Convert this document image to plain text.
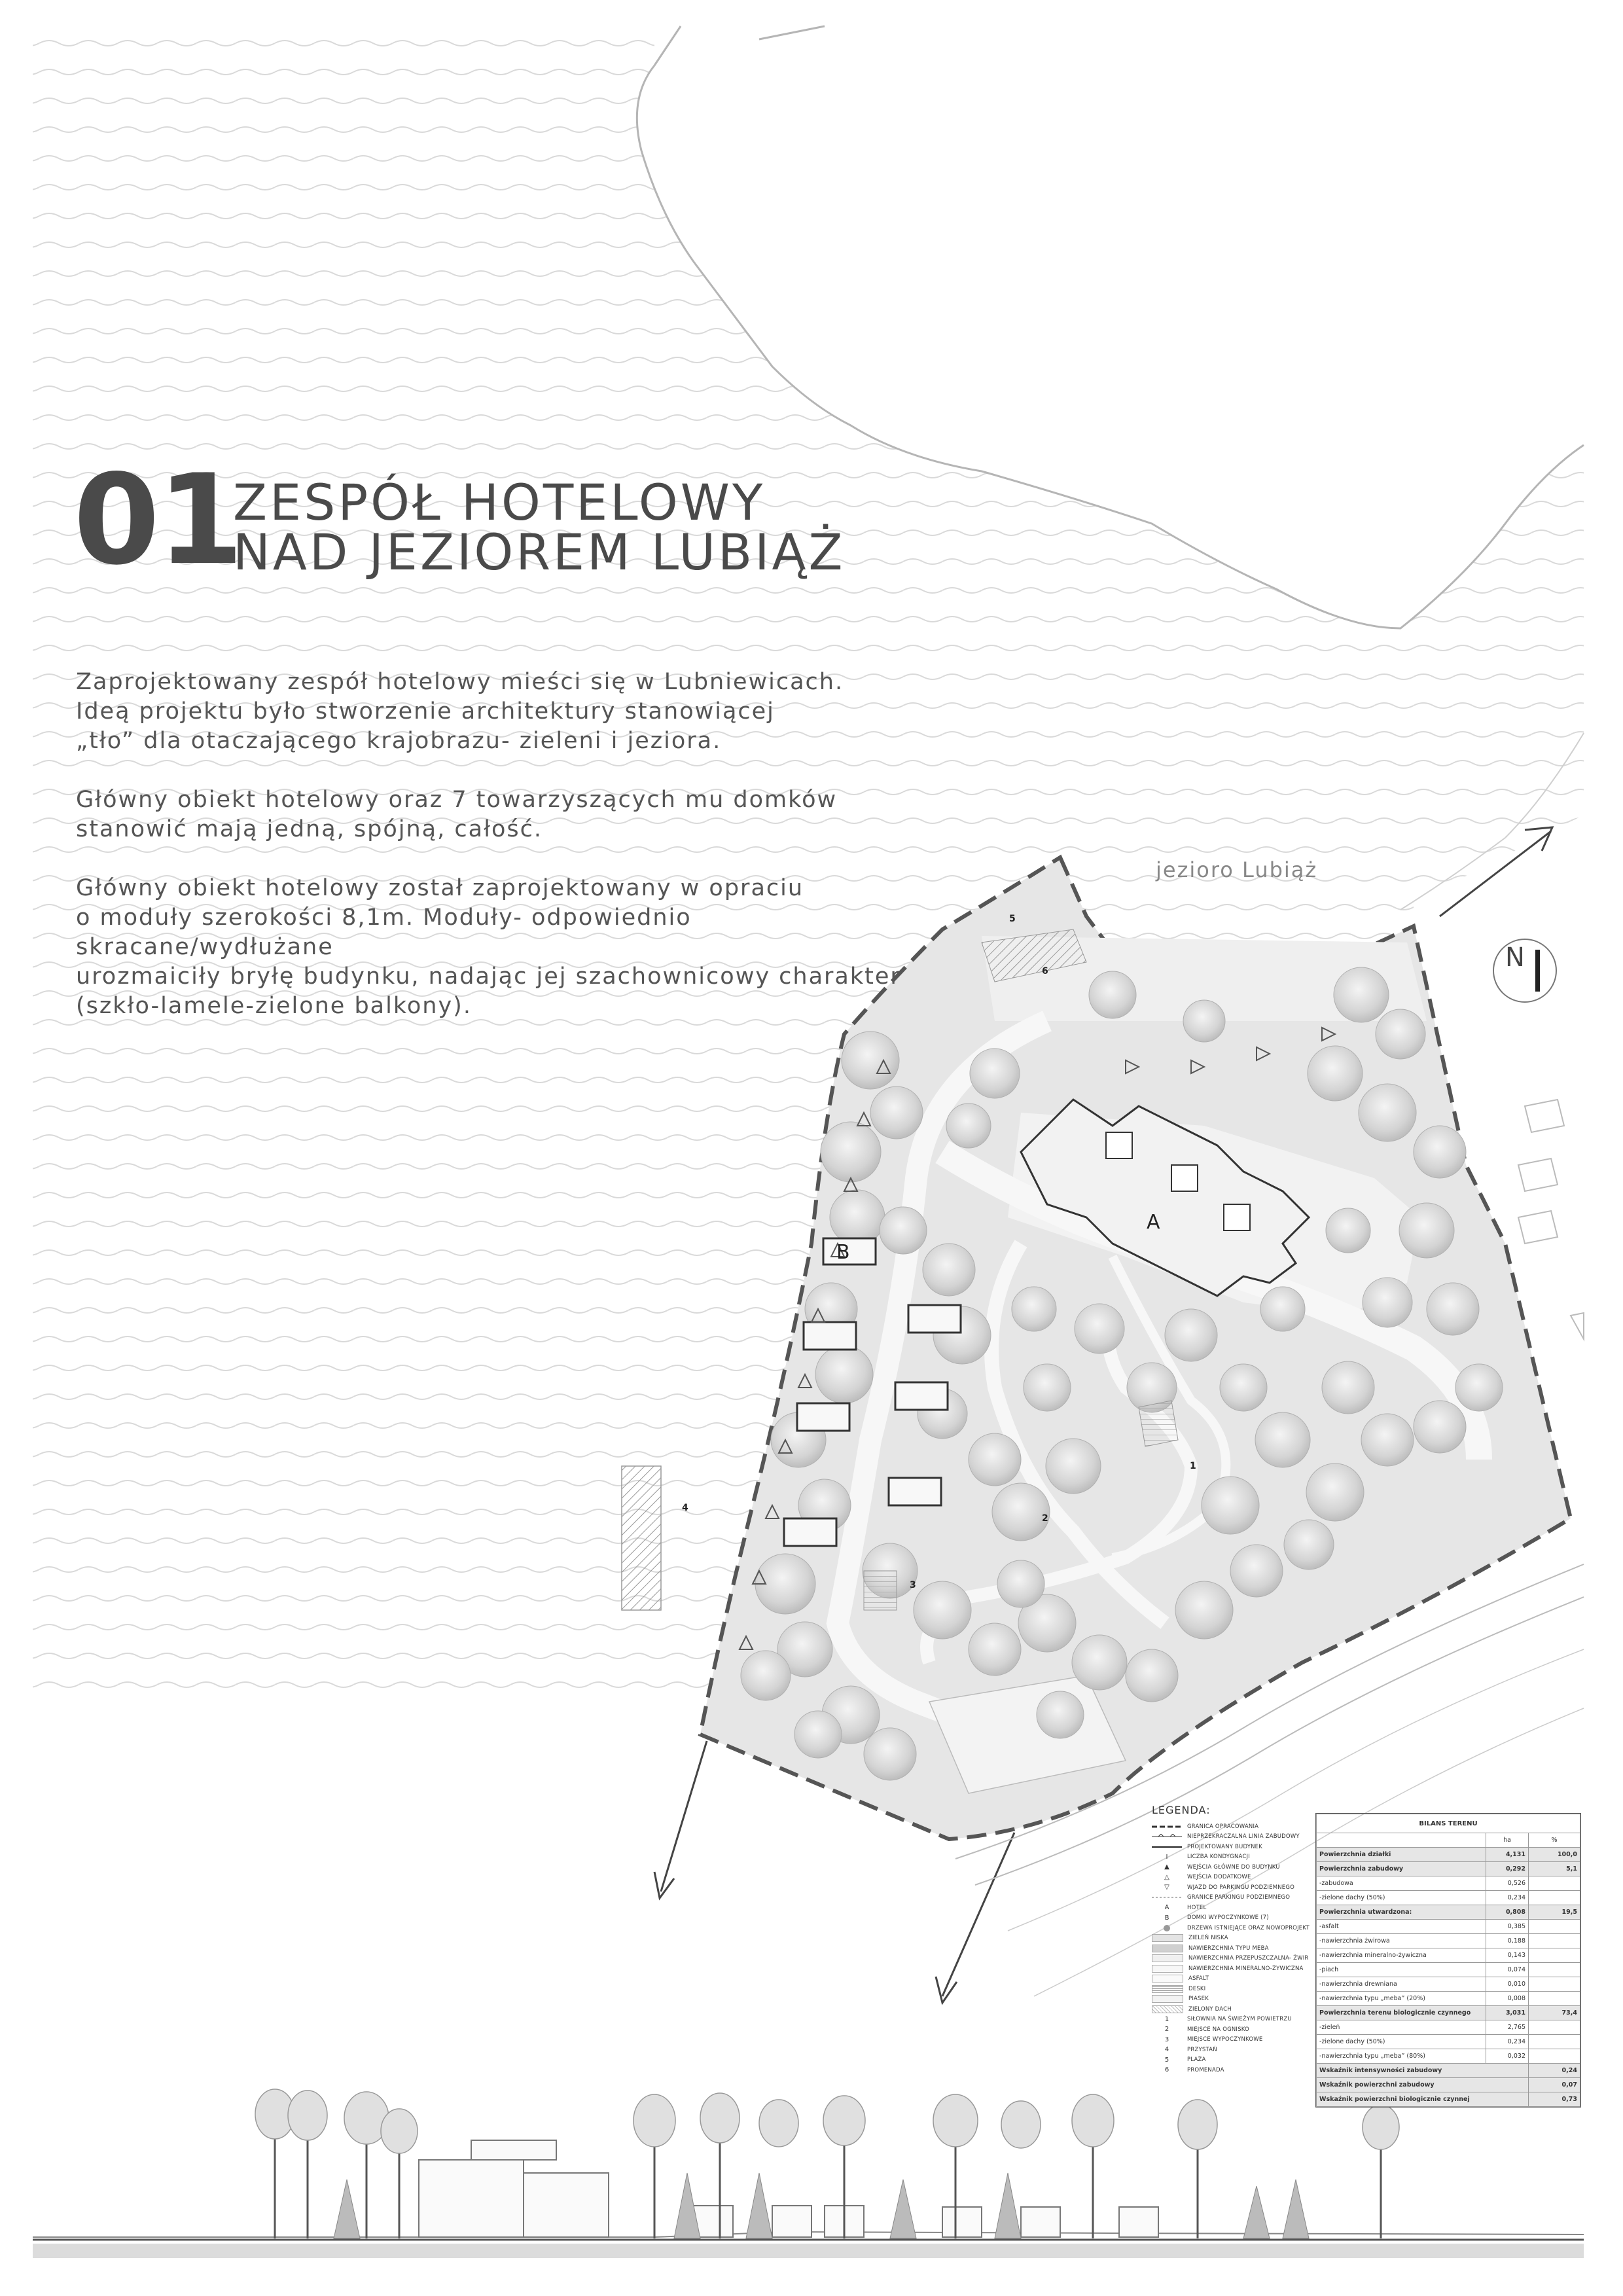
01
ZESPÓŁ HOTELOWY
NAD JEZIOREM LUBIĄŻ

Zaprojektowany zespół hotelowy mieści się w Lubniewicach.
Ideą projektu było stworzenie architektury stanowiącej
„tło” dla otaczającego krajobrazu- zieleni i jeziora.

Główny obiekt hotelowy oraz 7 towarzyszących mu domków
stanowić mają jedną, spójną, całość.

Główny obiekt hotelowy został zaprojektowany w opraciu
o moduły szerokości 8,1m. Moduły- odpowiednio skracane/wydłużane
urozmaiciły bryłę budynku, nadając jej szachownicowy charakter
(szkło-lamele-zielone balkony).

jezioro Lubiąż
N
A
B
1
2
3
4
5
6
LEGENDA:
GRANICA OPRACOWANIA
NIEPRZEKRACZALNA LINIA ZABUDOWY
PROJEKTOWANY BUDYNEK
I	LICZBA KONDYGNACJI
▲	WEJŚCIA GŁÓWNE DO BUDYNKU
△	WEJŚCIA DODATKOWE
▽	WJAZD DO PARKINGU PODZIEMNEGO
GRANICE PARKINGU PODZIEMNEGO
A	HOTEL
B	DOMKI WYPOCZYNKOWE (7)
DRZEWA ISTNIEJĄCE ORAZ NOWOPROJEKT
ZIELEŃ NISKA
NAWIERZCHNIA TYPU MEBA
NAWIERZCHNIA PRZEPUSZCZALNA- ŻWIR
NAWIERZCHNIA MINERALNO-ŻYWICZNA
ASFALT
DESKI
PIASEK
ZIELONY DACH
1	SIŁOWNIA NA ŚWIEŻYM POWIETRZU
2	MIEJSCE NA OGNISKO
3	MIEJSCE WYPOCZYNKOWE
4	PRZYSTAŃ
5	PLAŻA
6	PROMENADA
BILANS TERENU		
	ha	%
Powierzchnia działki	4,131	100,0
Powierzchnia zabudowy	0,292	5,1
-zabudowa	0,526	
-zielone dachy (50%)	0,234	
Powierzchnia utwardzona:	0,808	19,5
-asfalt	0,385	
-nawierzchnia żwirowa	0,188	
-nawierzchnia mineralno-żywiczna	0,143	
-piach	0,074	
-nawierzchnia drewniana	0,010	
-nawierzchnia typu „meba” (20%)	0,008	
Powierzchnia terenu biologicznie czynnego	3,031	73,4
-zieleń	2,765	
-zielone dachy (50%)	0,234	
-nawierzchnia typu „meba” (80%)	0,032	
Wskaźnik intensywności zabudowy		0,24
Wskaźnik powierzchni zabudowy		0,07
Wskaźnik powierzchni biologicznie czynnej		0,73
